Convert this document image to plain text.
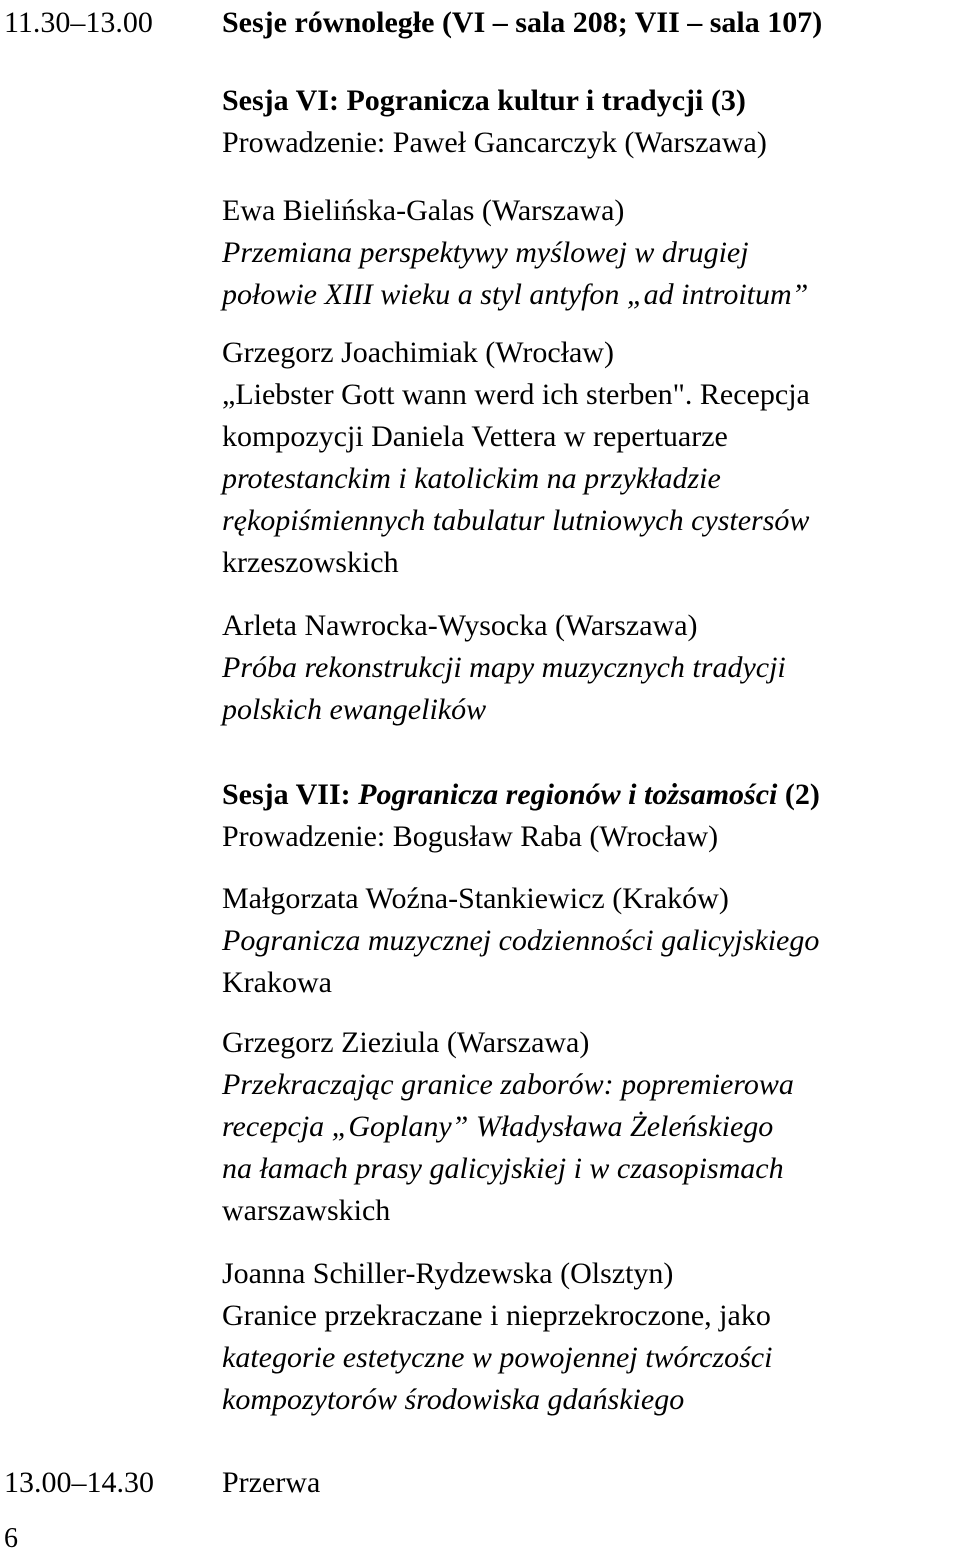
11.30–13.00
13.00–14.30
6
Sesje równoległe (VI – sala 208; VII – sala 107)
Sesja VI: Pogranicza kultur i tradycji (3)
Prowadzenie: Paweł Gancarczyk (Warszawa)
Ewa Bielińska-Galas (Warszawa)
Przemiana perspektywy myślowej w drugiej
połowie XIII wieku a styl antyfon „ad introitum”
Grzegorz Joachimiak (Wrocław)
„Liebster Gott wann werd ich sterben". Recepcja
kompozycji Daniela Vettera w repertuarze
protestanckim i katolickim na przykładzie
rękopiśmiennych tabulatur lutniowych cystersów
krzeszowskich
Arleta Nawrocka-Wysocka (Warszawa)
Próba rekonstrukcji mapy muzycznych tradycji
polskich ewangelików
Sesja VII: Pogranicza regionów i tożsamości (2)
Prowadzenie: Bogusław Raba (Wrocław)
Małgorzata Woźna-Stankiewicz (Kraków)
Pogranicza muzycznej codzienności galicyjskiego
Krakowa
Grzegorz Zieziula (Warszawa)
Przekraczając granice zaborów: popremierowa
recepcja „Goplany” Władysława Żeleńskiego
na łamach prasy galicyjskiej i w czasopismach
warszawskich
Joanna Schiller-Rydzewska (Olsztyn)
Granice przekraczane i nieprzekroczone, jako
kategorie estetyczne w powojennej twórczości
kompozytorów środowiska gdańskiego
Przerwa
